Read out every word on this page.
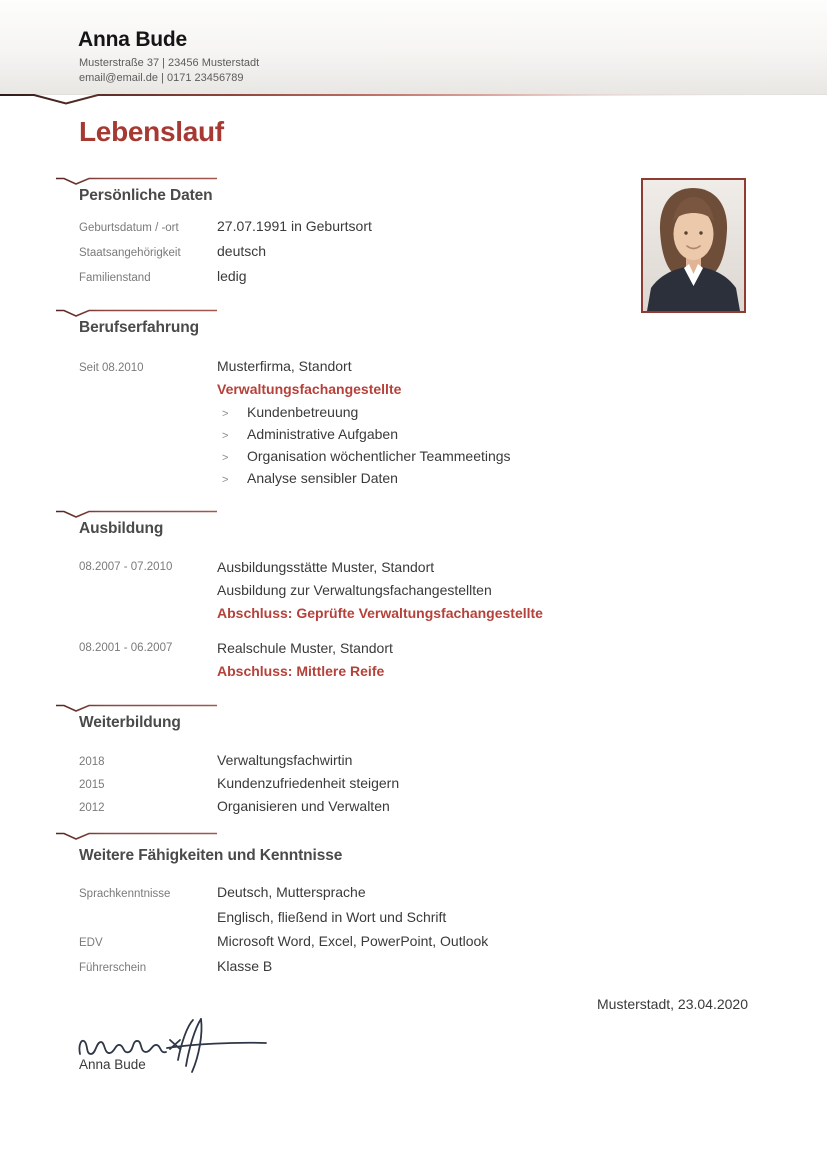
Anna Bude
Musterstraße 37 | 23456 Musterstadt
email@email.de | 0171 23456789
Lebenslauf
Persönliche Daten
Geburtsdatum / -ort	27.07.1991 in Geburtsort
Staatsangehörigkeit	deutsch
Familienstand	ledig
Berufserfahrung
Seit 08.2010	Musterfirma, Standort
Verwaltungsfachangestellte
>	Kundenbetreuung
>	Administrative Aufgaben
>	Organisation wöchentlicher Teammeetings
>	Analyse sensibler Daten
Ausbildung
08.2007 - 07.2010	Ausbildungsstätte Muster, Standort
Ausbildung zur Verwaltungsfachangestellten
Abschluss: Geprüfte Verwaltungsfachangestellte
08.2001 - 06.2007	Realschule Muster, Standort
Abschluss: Mittlere Reife
Weiterbildung
2018	Verwaltungsfachwirtin
2015	Kundenzufriedenheit steigern
2012	Organisieren und Verwalten
Weitere Fähigkeiten und Kenntnisse
Sprachkenntnisse	Deutsch, Muttersprache
Englisch, fließend in Wort und Schrift
EDV	Microsoft Word, Excel, PowerPoint, Outlook
Führerschein	Klasse B
Musterstadt, 23.04.2020
Anna Bude
